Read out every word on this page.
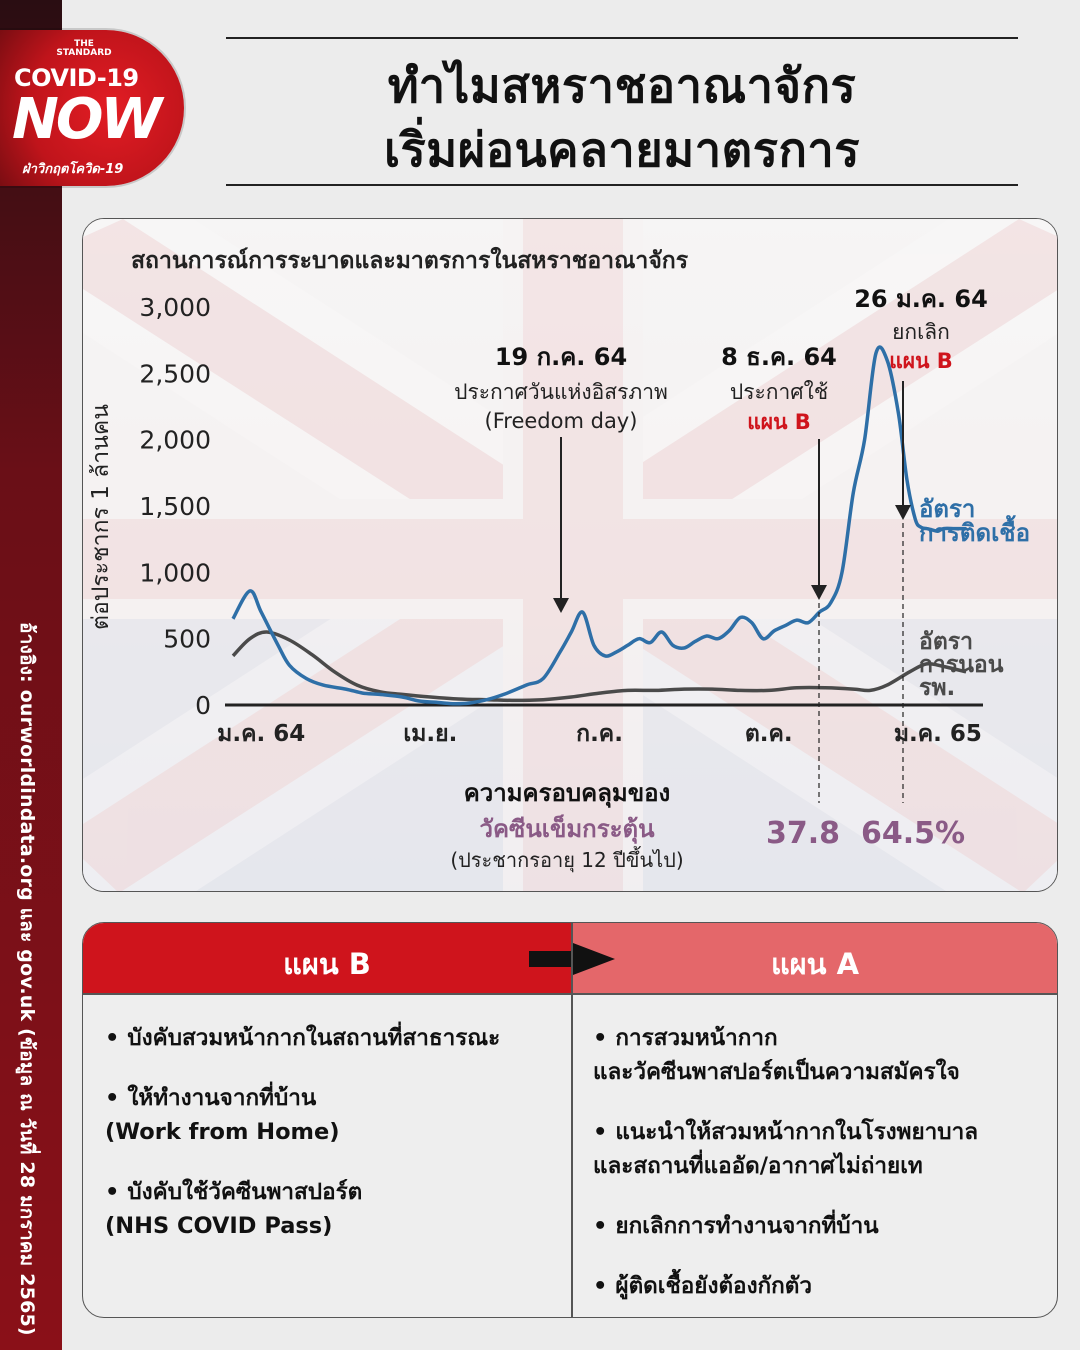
อ้างอิง: ourworldindata.org และ gov.uk (ข้อมูล ณ วันที่ 28 มกราคม 2565)
THE STANDARD
COVID-19
NOW
ฝ่าวิกฤตโควิด-19
ทำไมสหราชอาณาจักร
เริ่มผ่อนคลายมาตรการ
สถานการณ์การระบาดและมาตรการในสหราชอาณาจักร
ต่อประชากร 1 ล้านคน
3,000
2,500
2,000
1,500
1,000
500
0
ม.ค. 64	เม.ย.	ก.ค.	ต.ค.	ม.ค. 65
อัตรา
การติดเชื้อ
อัตรา
การนอน
รพ.
19 ก.ค. 64
ประกาศวันแห่งอิสรภาพ
(Freedom day)
8 ธ.ค. 64
ประกาศใช้
แผน B
26 ม.ค. 64
ยกเลิก
แผน B
ความครอบคลุมของ
วัคซีนเข็มกระตุ้น
(ประชากรอายุ 12 ปีขึ้นไป)
37.8 64.5%
แผน B	แผน A
• บังคับสวมหน้ากากในสถานที่สาธารณะ
• ให้ทำงานจากที่บ้าน
(Work from Home)
• บังคับใช้วัคซีนพาสปอร์ต
(NHS COVID Pass)
• การสวมหน้ากาก
และวัคซีนพาสปอร์ตเป็นความสมัครใจ
• แนะนำให้สวมหน้ากากในโรงพยาบาล
และสถานที่แออัด/อากาศไม่ถ่ายเท
• ยกเลิกการทำงานจากที่บ้าน
• ผู้ติดเชื้อยังต้องกักตัว
